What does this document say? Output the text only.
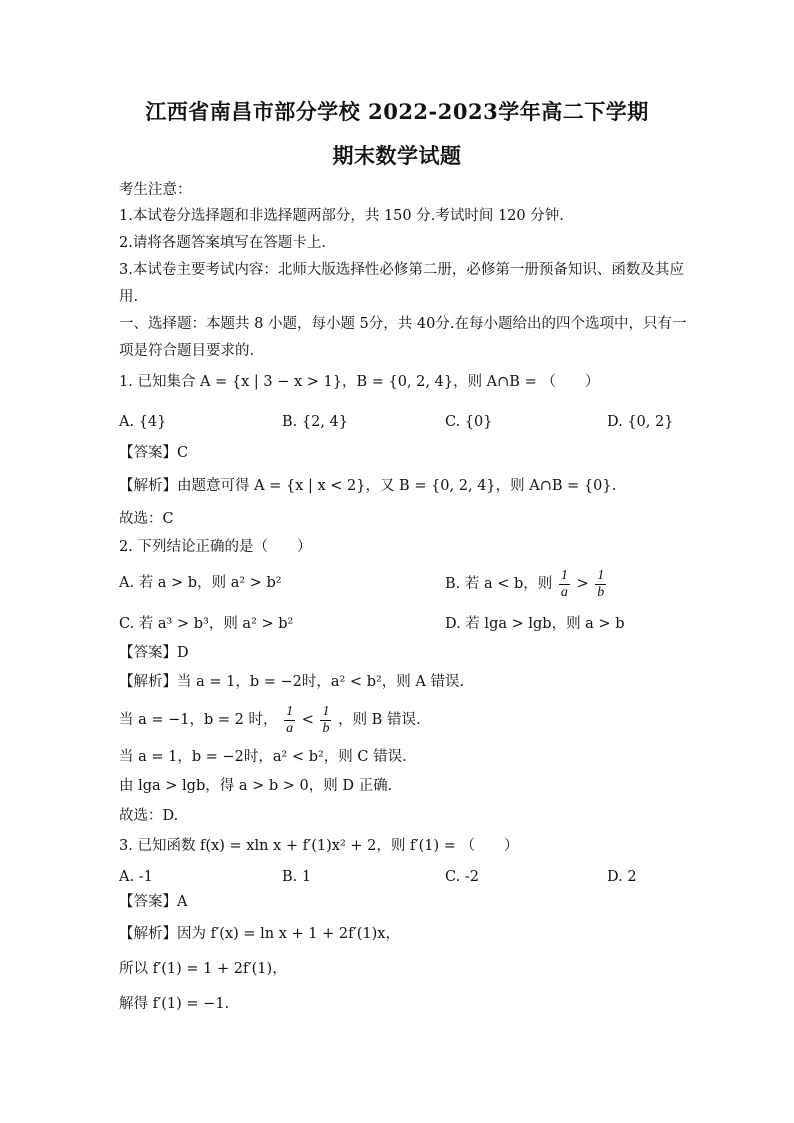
江西省南昌市部分学校 2022-2023学年高二下学期
期末数学试题
考生注意：
1.本试卷分选择题和非选择题两部分，共 150 分.考试时间 120 分钟.
2.请将各题答案填写在答题卡上.
3.本试卷主要考试内容：北师大版选择性必修第二册，必修第一册预备知识、函数及其应
用.
一、选择题：本题共 8 小题，每小题 5分，共 40分.在每小题给出的四个选项中，只有一
项是符合题目要求的.
1. 已知集合 A = {x | 3 − x > 1}，B = {0, 2, 4}，则 A∩B = （　　）
A. {4}	B. {2, 4}	C. {0}	D. {0, 2}
【答案】C
【解析】由题意可得 A = {x | x < 2}，又 B = {0, 2, 4}，则 A∩B = {0}.
故选：C
2. 下列结论正确的是（　　）
A. 若 a > b，则 a² > b²	B. 若 a < b，则 $\frac{1}{a} > \frac{1}{b}$
C. 若 a³ > b³，则 a² > b²	D. 若 lga > lgb，则 a > b
【答案】D
【解析】当 a = 1，b = −2时，a² < b²，则 A 错误.
当 a = −1，b = 2 时， $\frac{1}{a} < \frac{1}{b}$ ，则 B 错误.
当 a = 1，b = −2时，a² < b²，则 C 错误.
由 lga > lgb，得 a > b > 0，则 D 正确.
故选：D.
3. 已知函数 f(x) = xln x + f′(1)x² + 2，则 f′(1) = （　　）
A. -1	B. 1	C. -2	D. 2
【答案】A
【解析】因为 f′(x) = ln x + 1 + 2f′(1)x，
所以 f′(1) = 1 + 2f′(1)，
解得 f′(1) = −1.
